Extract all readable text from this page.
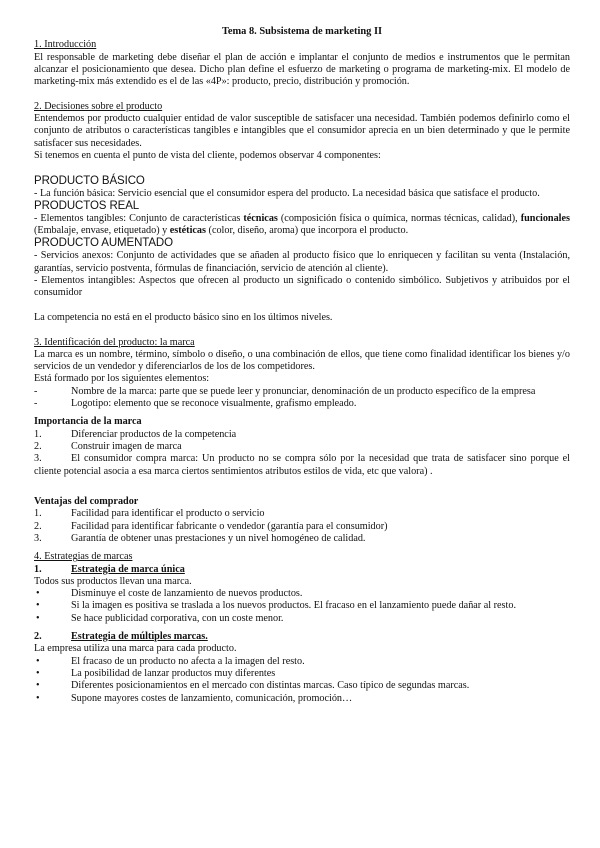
Tema 8. Subsistema de marketing II

1. Introducción

El responsable de marketing debe diseñar el plan de acción e implantar el conjunto de medios e instrumentos que le permitan alcanzar el posicionamiento que desea. Dicho plan define el esfuerzo de marketing o programa de marketing-mix. El modelo de marketing-mix más extendido es el de las «4P»: producto, precio, distribución y promoción.

2. Decisiones sobre el producto

Entendemos por producto cualquier entidad de valor susceptible de satisfacer una necesidad. También podemos definirlo como el conjunto de atributos o características tangibles e intangibles que el consumidor aprecia en un bien determinado y que le permite satisfacer sus necesidades.

Si tenemos en cuenta el punto de vista del cliente, podemos observar 4 componentes:

PRODUCTO BÁSICO

- La función básica: Servicio esencial que el consumidor espera del producto. La necesidad básica que satisface el producto.

PRODUCTOS REAL

- Elementos tangibles: Conjunto de características técnicas (composición física o química, normas técnicas, calidad), funcionales (Embalaje, envase, etiquetado) y estéticas (color, diseño, aroma) que incorpora el producto.

PRODUCTO AUMENTADO

- Servicios anexos: Conjunto de actividades que se añaden al producto físico que lo enriquecen y facilitan su venta (Instalación, garantías, servicio postventa, fórmulas de financiación, servicio de atención al cliente).

- Elementos intangibles: Aspectos que ofrecen al producto un significado o contenido simbólico. Subjetivos y atribuidos por el consumidor

La competencia no está en el producto básico sino en los últimos niveles.

3. Identificación del producto: la marca

La marca es un nombre, término, símbolo o diseño, o una combinación de ellos, que tiene como finalidad identificar los bienes y/o servicios de un vendedor y diferenciarlos de los de los competidores.

Está formado por los siguientes elementos:

-	Nombre de la marca: parte que se puede leer y pronunciar, denominación de un producto específico de la empresa
-	Logotipo: elemento que se reconoce visualmente, grafismo empleado.

Importancia de la marca

1.	Diferenciar productos de la competencia
2.	Construir imagen de marca

3.	El consumidor compra marca: Un producto no se compra sólo por la necesidad que trata de satisfacer sino porque el cliente potencial asocia a esa marca ciertos sentimientos atributos estilos de vida, etc que valora) .

Ventajas del comprador

1.	Facilidad para identificar el producto o servicio
2.	Facilidad para identificar fabricante o vendedor (garantía para el consumidor)
3.	Garantía de obtener unas prestaciones y un nivel homogéneo de calidad.

4. Estrategias de marcas

1.	Estrategia de marca única

Todos sus productos llevan una marca.

•	Disminuye el coste de lanzamiento de nuevos productos.
•	Si la imagen es positiva se traslada a los nuevos productos. El fracaso en el lanzamiento puede dañar al resto.
•	Se hace publicidad corporativa, con un coste menor.
2.	Estrategia de múltiples marcas.

La empresa utiliza una marca para cada producto.

•	El fracaso de un producto no afecta a la imagen del resto.
•	La posibilidad de lanzar productos muy diferentes
•	Diferentes posicionamientos en el mercado con distintas marcas. Caso típico de segundas marcas.
•	Supone mayores costes de lanzamiento, comunicación, promoción…
